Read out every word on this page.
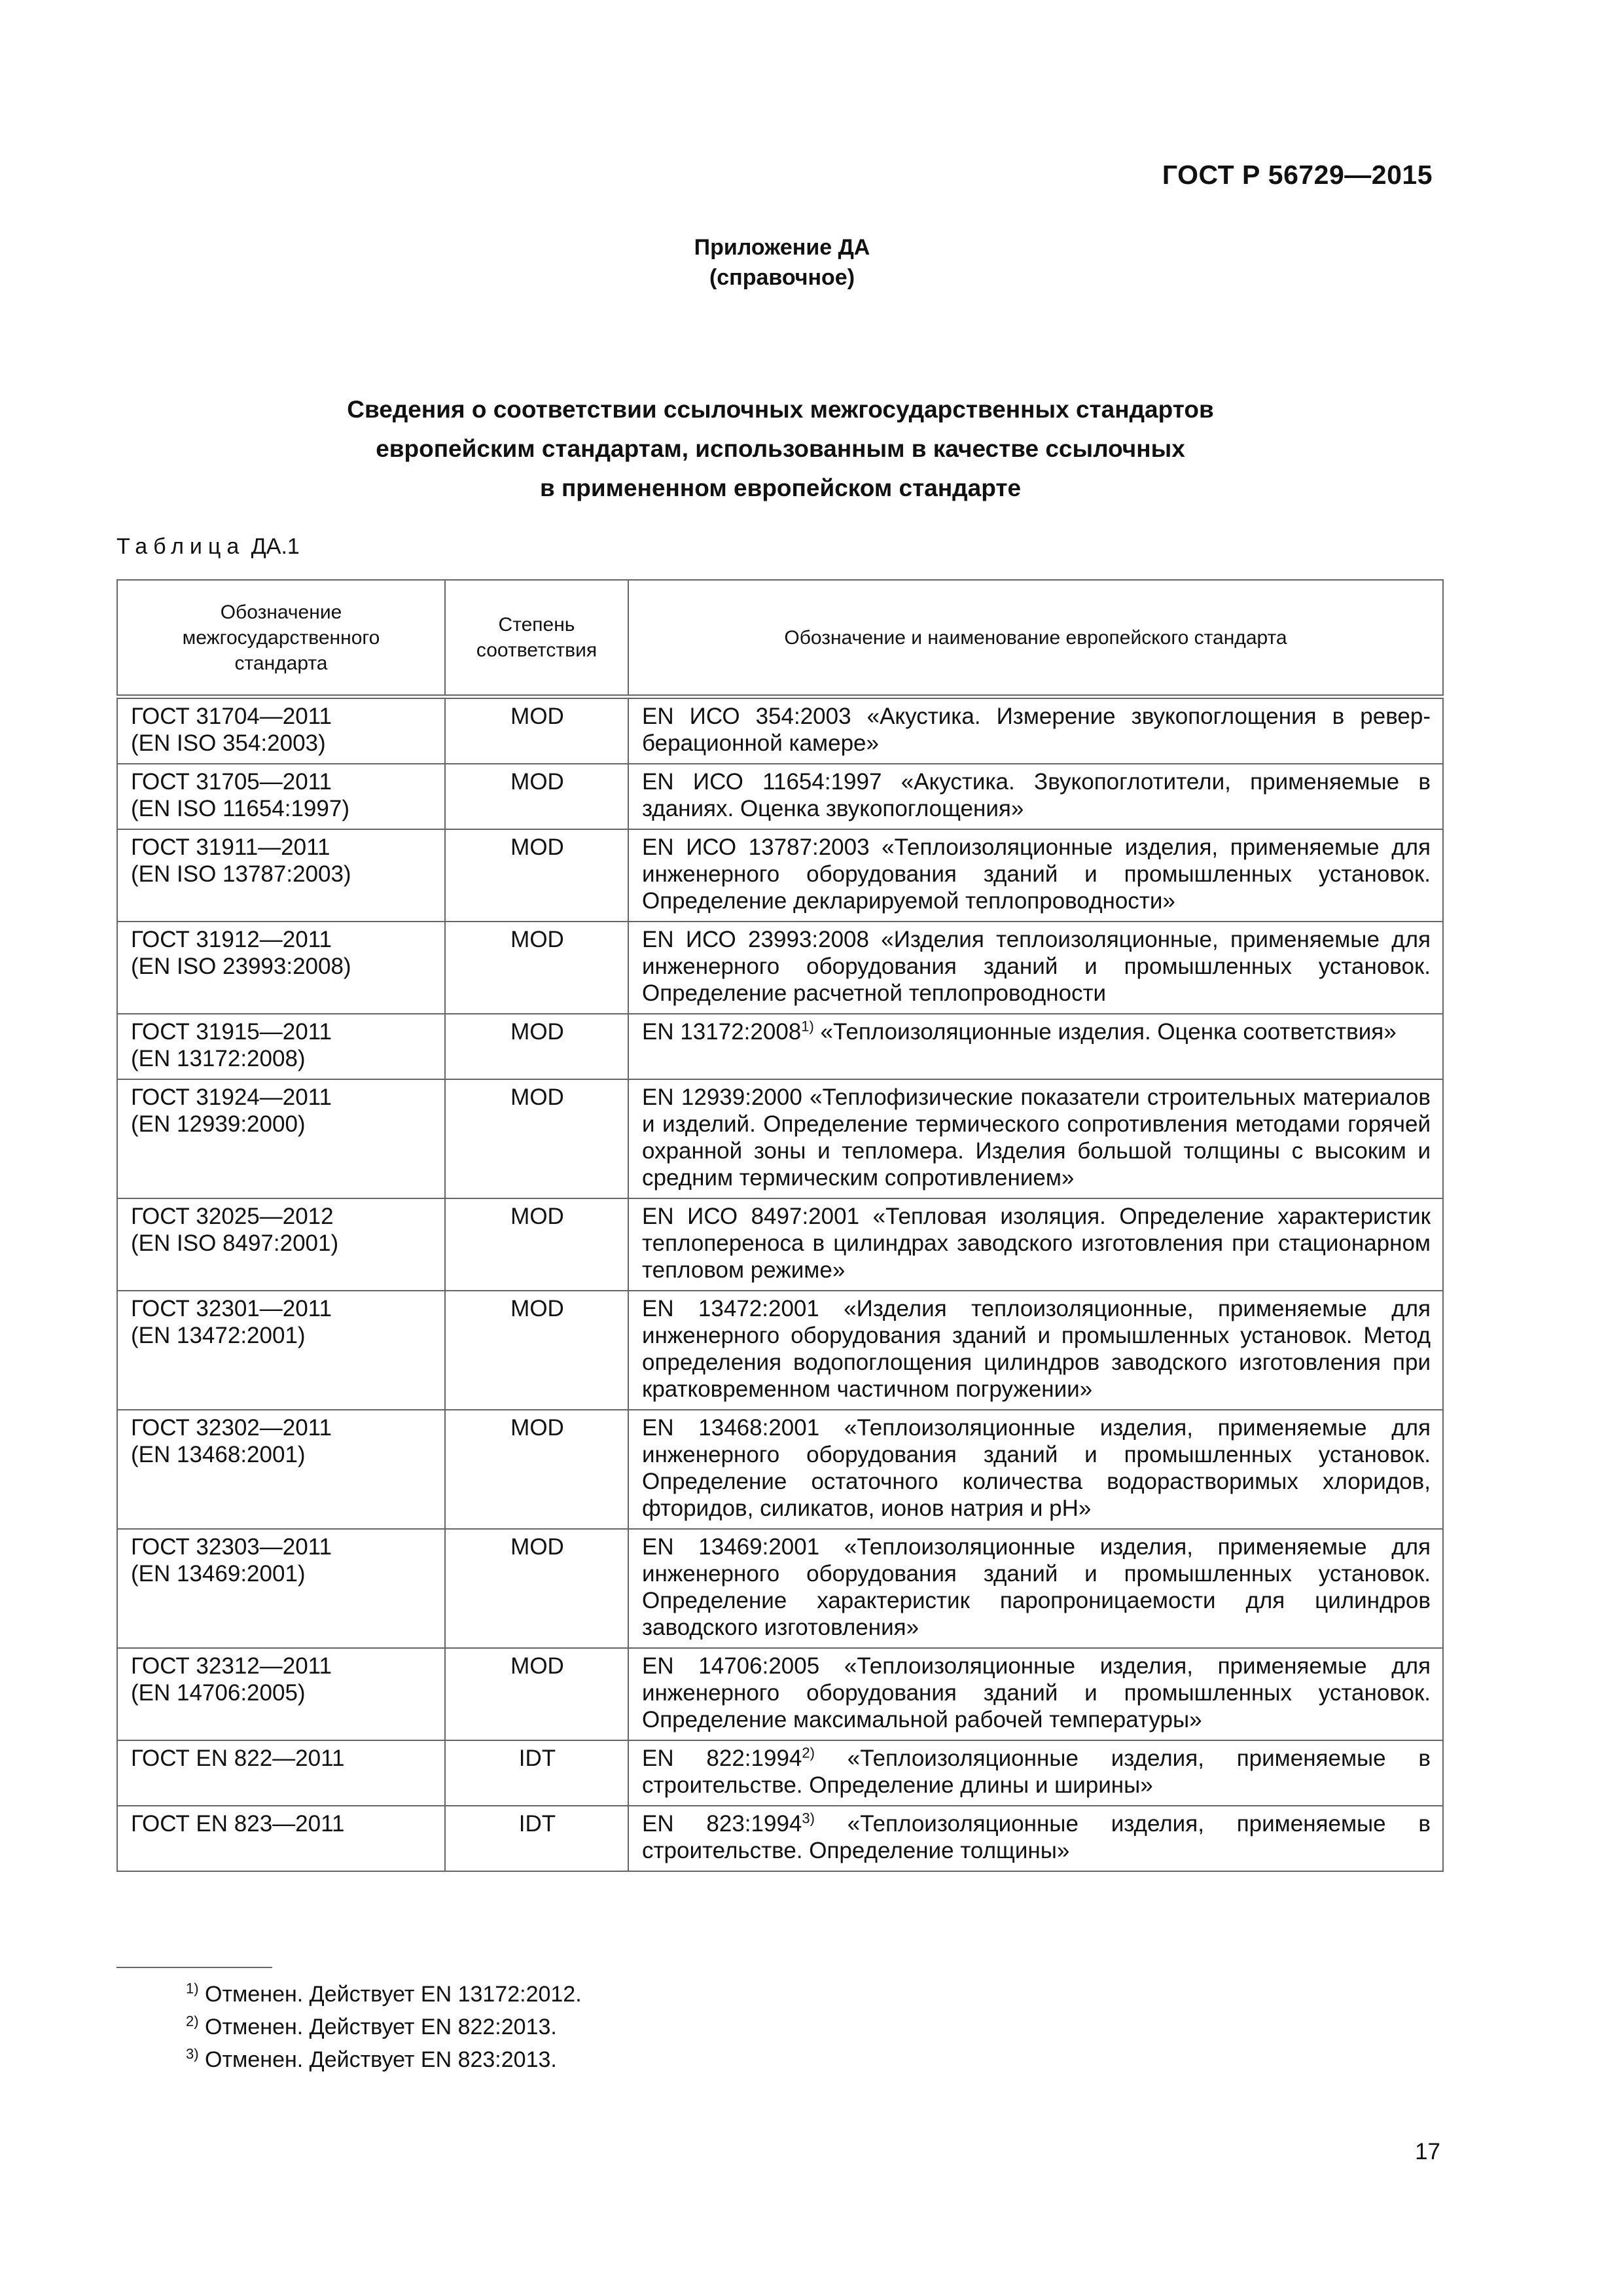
ГОСТ Р 56729—2015
Приложение ДА
(справочное)
Сведения о соответствии ссылочных межгосударственных стандартов
европейским стандартам, использованным в качестве ссылочных
в примененном европейском стандарте
Таблица ДА.1
Обозначение межгосударственного стандарта	Степень соответствия	Обозначение и наименование европейского стандарта

ГОСТ 31704—2011
(EN ISO 354:2003)	MOD	EN ИСО 354:2003 «Акустика. Измерение звукопоглощения в реверберационной камере»

ГОСТ 31705—2011
(EN ISO 11654:1997)	MOD	EN ИСО 11654:1997 «Акустика. Звукопоглотители, применяемые в зданиях. Оценка звукопоглощения»

ГОСТ 31911—2011
(EN ISO 13787:2003)	MOD	EN ИСО 13787:2003 «Теплоизоляционные изделия, применяемые для инженерного оборудования зданий и промышленных установок. Определение декларируемой теплопроводности»

ГОСТ 31912—2011
(EN ISO 23993:2008)	MOD	EN ИСО 23993:2008 «Изделия теплоизоляционные, применяемые для инженерного оборудования зданий и промышленных установок. Определение расчетной теплопроводности

ГОСТ 31915—2011
(EN 13172:2008)	MOD	EN 13172:2008$^{1)}$ «Теплоизоляционные изделия. Оценка соответствия»

ГОСТ 31924—2011
(EN 12939:2000)	MOD	EN 12939:2000 «Теплофизические показатели строительных материалов и изделий. Определение термического сопротивления методами горячей охранной зоны и тепломера. Изделия большой толщины с высоким и средним термическим сопротивлением»

ГОСТ 32025—2012
(EN ISO 8497:2001)	MOD	EN ИСО 8497:2001 «Тепловая изоляция. Определение характеристик теплопереноса в цилиндрах заводского изготовления при стационарном тепловом режиме»

ГОСТ 32301—2011
(EN 13472:2001)	MOD	EN 13472:2001 «Изделия теплоизоляционные, применяемые для инженерного оборудования зданий и промышленных установок. Метод определения водопоглощения цилиндров заводского изготовления при кратковременном частичном погружении»

ГОСТ 32302—2011
(EN 13468:2001)	MOD	EN 13468:2001 «Теплоизоляционные изделия, применяемые для инженерного оборудования зданий и промышленных установок. Определение остаточного количества водорастворимых хлоридов, фторидов, силикатов, ионов натрия и pH»

ГОСТ 32303—2011
(EN 13469:2001)	MOD	EN 13469:2001 «Теплоизоляционные изделия, применяемые для инженерного оборудования зданий и промышленных установок. Определение характеристик паропроницаемости для цилиндров заводского изготовления»

ГОСТ 32312—2011
(EN 14706:2005)	MOD	EN 14706:2005 «Теплоизоляционные изделия, применяемые для инженерного оборудования зданий и промышленных установок. Определение максимальной рабочей температуры»

ГОСТ EN 822—2011	IDT	EN 822:1994$^{2)}$ «Теплоизоляционные изделия, применяемые в строительстве. Определение длины и ширины»

ГОСТ EN 823—2011	IDT	EN 823:1994$^{3)}$ «Теплоизоляционные изделия, применяемые в строительстве. Определение толщины»
$^{1)}$ Отменен. Действует EN 13172:2012.
$^{2)}$ Отменен. Действует EN 822:2013.
$^{3)}$ Отменен. Действует EN 823:2013.
17
